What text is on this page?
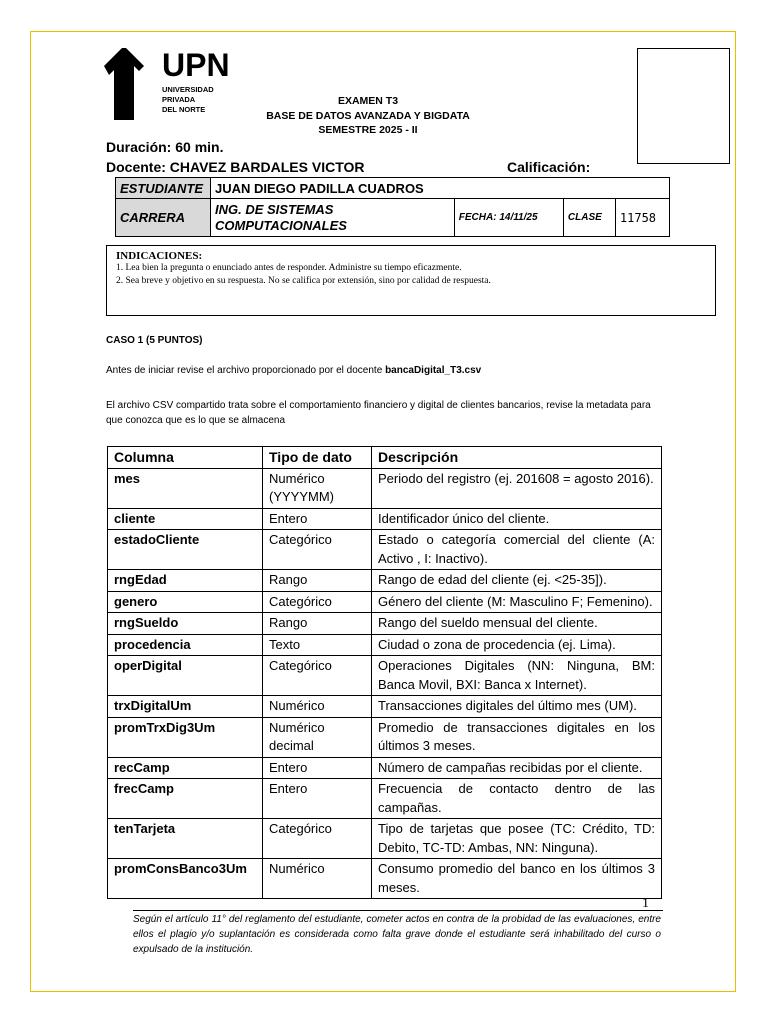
UPN
UNIVERSIDAD
PRIVADA
DEL NORTE
EXAMEN T3
BASE DE DATOS AVANZADA Y BIGDATA
SEMESTRE 2025 - II
Duración: 60 min.
Docente: CHAVEZ BARDALES VICTOR	Calificación:
ESTUDIANTE	JUAN DIEGO PADILLA CUADROS			
CARRERA	ING. DE SISTEMAS COMPUTACIONALES	FECHA: 14/11/25	CLASE	11758
INDICACIONES:
1. Lea bien la pregunta o enunciado antes de responder. Administre su tiempo eficazmente.
2. Sea breve y objetivo en su respuesta. No se califica por extensión, sino por calidad de respuesta.
CASO 1 (5 PUNTOS)
Antes de iniciar revise el archivo proporcionado por el docente bancaDigital_T3.csv
El archivo CSV compartido trata sobre el comportamiento financiero y digital de clientes bancarios, revise la metadata para que conozca que es lo que se almacena
Columna	Tipo de dato	Descripción
mes	Numérico (YYYYMM)	Periodo del registro (ej. 201608 = agosto 2016).
cliente	Entero	Identificador único del cliente.
estadoCliente	Categórico	Estado o categoría comercial del cliente (A: Activo , I: Inactivo).
rngEdad	Rango	Rango de edad del cliente (ej. <25-35]).
genero	Categórico	Género del cliente (M: Masculino F; Femenino).
rngSueldo	Rango	Rango del sueldo mensual del cliente.
procedencia	Texto	Ciudad o zona de procedencia (ej. Lima).
operDigital	Categórico	Operaciones Digitales (NN: Ninguna, BM: Banca Movil, BXI: Banca x Internet).
trxDigitalUm	Numérico	Transacciones digitales del último mes (UM).
promTrxDig3Um	Numérico decimal	Promedio de transacciones digitales en los últimos 3 meses.
recCamp	Entero	Número de campañas recibidas por el cliente.
frecCamp	Entero	Frecuencia de contacto dentro de las campañas.
tenTarjeta	Categórico	Tipo de tarjetas que posee (TC: Crédito, TD: Debito, TC-TD: Ambas, NN: Ninguna).
promConsBanco3Um	Numérico	Consumo promedio del banco en los últimos 3 meses.
1
Según el artículo 11° del reglamento del estudiante, cometer actos en contra de la probidad de las evaluaciones, entre ellos el plagio y/o suplantación es considerada como falta grave donde el estudiante será inhabilitado del curso o expulsado de la institución.
